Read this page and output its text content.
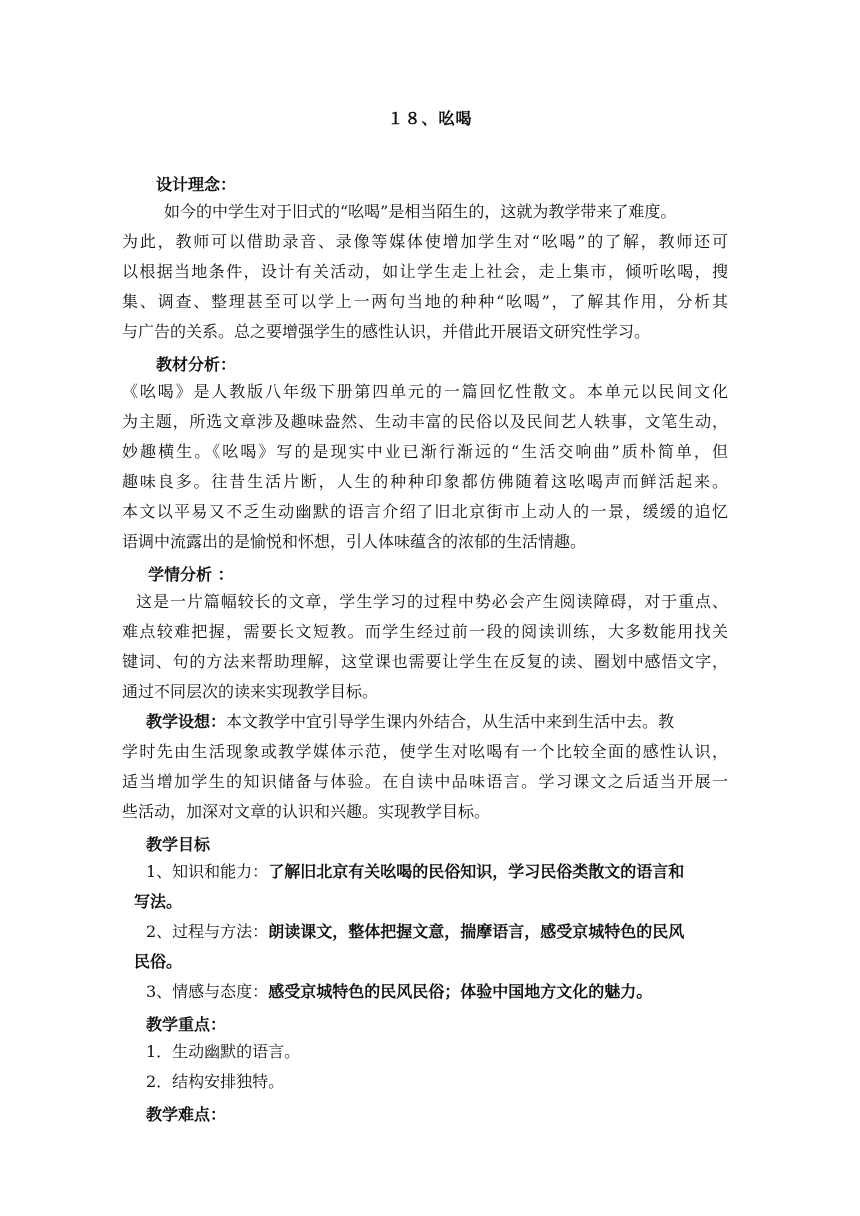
１８、吆喝
设计理念：
如今的中学生对于旧式的“吆喝”是相当陌生的，这就为教学带来了难度。
为此，教师可以借助录音、录像等媒体使增加学生对“吆喝”的了解，教师还可
以根据当地条件，设计有关活动，如让学生走上社会，走上集市，倾听吆喝，搜
集、调查、整理甚至可以学上一两句当地的种种“吆喝”，了解其作用，分析其
与广告的关系。总之要增强学生的感性认识，并借此开展语文研究性学习。
教材分析：
《吆喝》是人教版八年级下册第四单元的一篇回忆性散文。本单元以民间文化
为主题，所选文章涉及趣味盎然、生动丰富的民俗以及民间艺人轶事，文笔生动，
妙趣横生。《吆喝》写的是现实中业已渐行渐远的“生活交响曲”质朴简单，但
趣味良多。往昔生活片断，人生的种种印象都仿佛随着这吆喝声而鲜活起来。
本文以平易又不乏生动幽默的语言介绍了旧北京街市上动人的一景，缓缓的追忆
语调中流露出的是愉悦和怀想，引人体味蕴含的浓郁的生活情趣。
学情分析 ：
这是一片篇幅较长的文章，学生学习的过程中势必会产生阅读障碍，对于重点、
难点较难把握，需要长文短教。而学生经过前一段的阅读训练，大多数能用找关
键词、句的方法来帮助理解，这堂课也需要让学生在反复的读、圈划中感悟文字，
通过不同层次的读来实现教学目标。
教学设想：本文教学中宜引导学生课内外结合，从生活中来到生活中去。教
学时先由生活现象或教学媒体示范，使学生对吆喝有一个比较全面的感性认识，
适当增加学生的知识储备与体验。在自读中品味语言。学习课文之后适当开展一
些活动，加深对文章的认识和兴趣。实现教学目标。
教学目标
1、知识和能力：了解旧北京有关吆喝的民俗知识，学习民俗类散文的语言和
写法。
2、过程与方法：朗读课文，整体把握文意，揣摩语言，感受京城特色的民风
民俗。
3、情感与态度：感受京城特色的民风民俗；体验中国地方文化的魅力。
教学重点：
1．生动幽默的语言。
2．结构安排独特。
教学难点：
